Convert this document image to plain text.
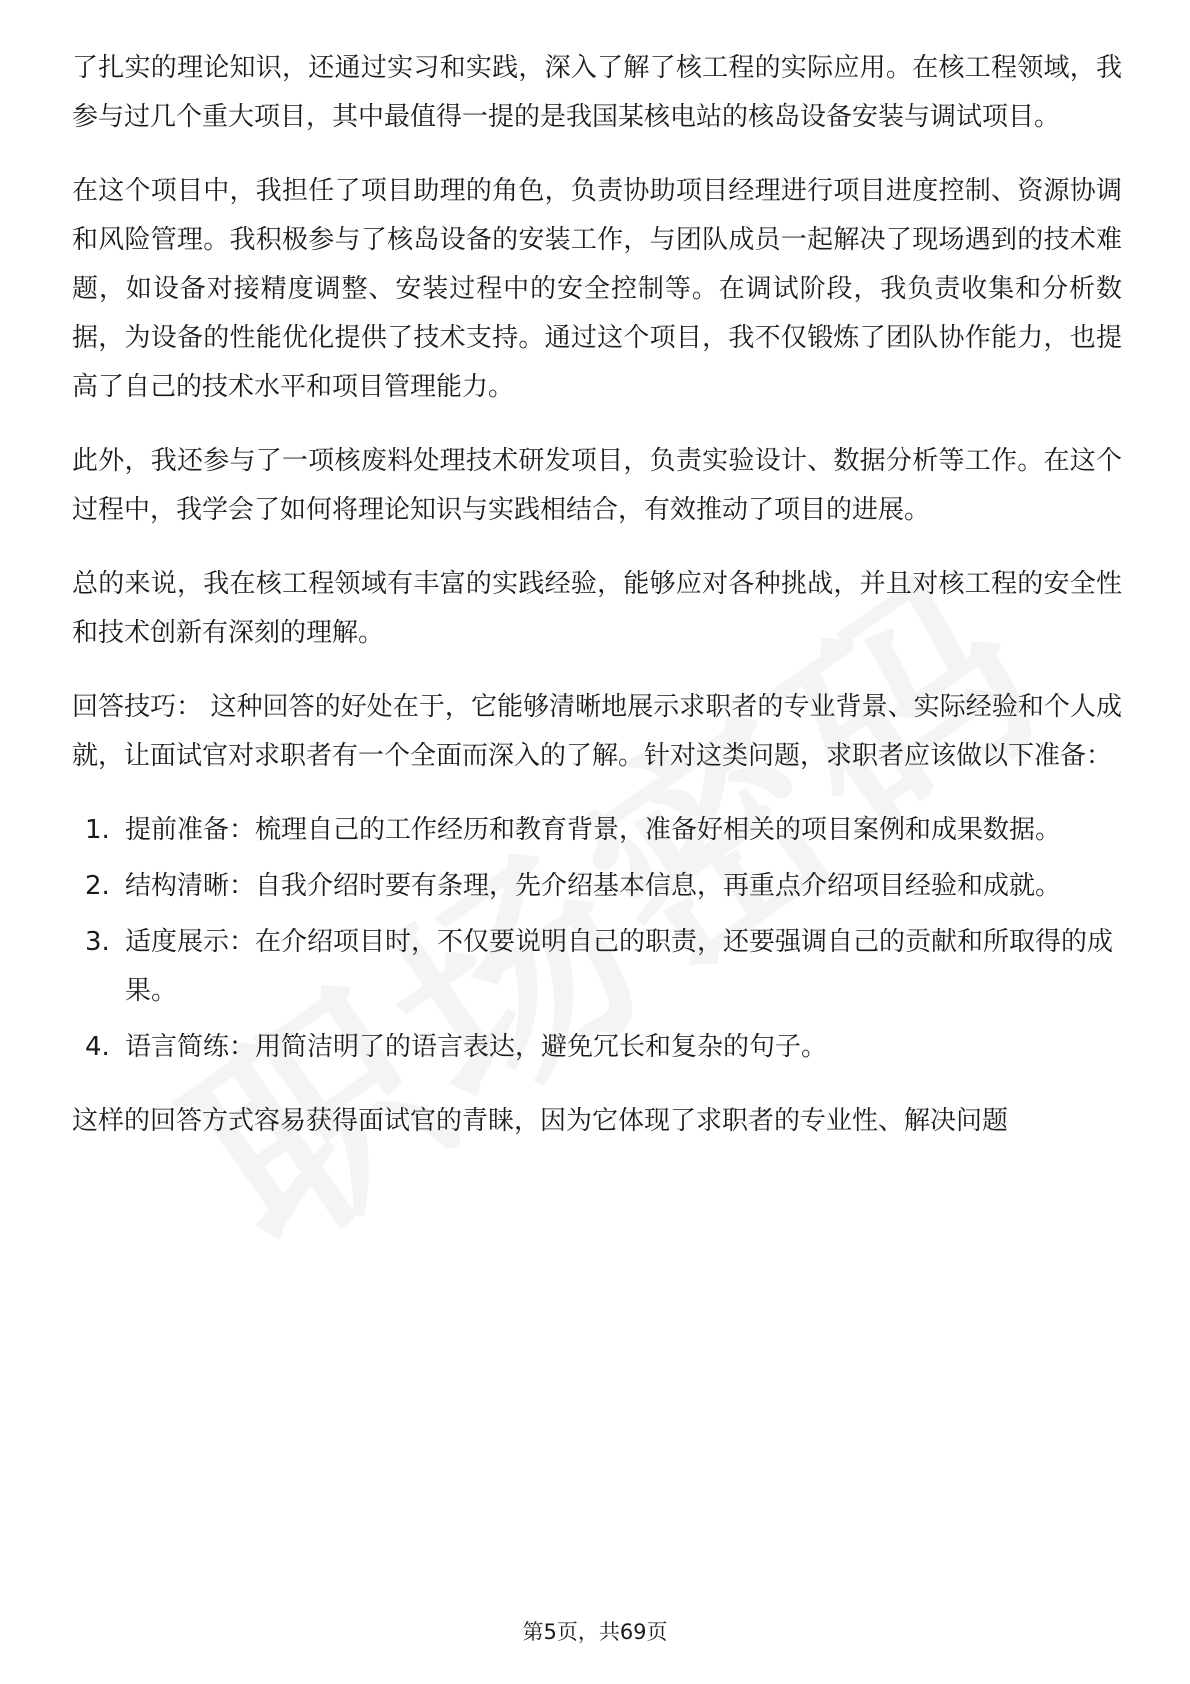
了扎实的理论知识，还通过实习和实践，深入了解了核工程的实际应用。在核工程领域，我参与过几个重大项目，其中最值得一提的是我国某核电站的核岛设备安装与调试项目。

在这个项目中，我担任了项目助理的角色，负责协助项目经理进行项目进度控制、资源协调和风险管理。我积极参与了核岛设备的安装工作，与团队成员一起解决了现场遇到的技术难题，如设备对接精度调整、安装过程中的安全控制等。在调试阶段，我负责收集和分析数据，为设备的性能优化提供了技术支持。通过这个项目，我不仅锻炼了团队协作能力，也提高了自己的技术水平和项目管理能力。

此外，我还参与了一项核废料处理技术研发项目，负责实验设计、数据分析等工作。在这个过程中，我学会了如何将理论知识与实践相结合，有效推动了项目的进展。

总的来说，我在核工程领域有丰富的实践经验，能够应对各种挑战，并且对核工程的安全性和技术创新有深刻的理解。

回答技巧： 这种回答的好处在于，它能够清晰地展示求职者的专业背景、实际经验和个人成就，让面试官对求职者有一个全面而深入的了解。针对这类问题，求职者应该做以下准备：

1. 提前准备：梳理自己的工作经历和教育背景，准备好相关的项目案例和成果数据。
2. 结构清晰：自我介绍时要有条理，先介绍基本信息，再重点介绍项目经验和成就。
3. 适度展示：在介绍项目时，不仅要说明自己的职责，还要强调自己的贡献和所取得的成果。
4. 语言简练：用简洁明了的语言表达，避免冗长和复杂的句子。

这样的回答方式容易获得面试官的青睐，因为它体现了求职者的专业性、解决问题

第5页，共69页
